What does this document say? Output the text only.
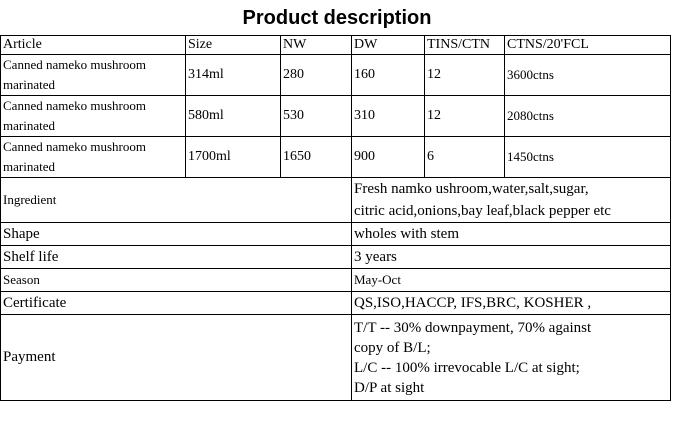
Product description
Article	Size	NW	DW	TINS/CTN	CTNS/20'FCL
Canned nameko mushroom marinated	314ml	280	160	12	3600ctns
Canned nameko mushroom marinated	580ml	530	310	12	2080ctns
Canned nameko mushroom marinated	1700ml	1650	900	6	1450ctns
Ingredient			Fresh namko ushroom,water,salt,sugar,
citric acid,onions,bay leaf,black pepper etc		

Shape			wholes with stem		
Shelf life			3 years		
Season			May-Oct		
Certificate			QS,ISO,HACCP, IFS,BRC, KOSHER ,		
Payment			T/T -- 30% downpayment, 70% against
copy of B/L;
L/C -- 100% irrevocable L/C at sight;
D/P at sight		
